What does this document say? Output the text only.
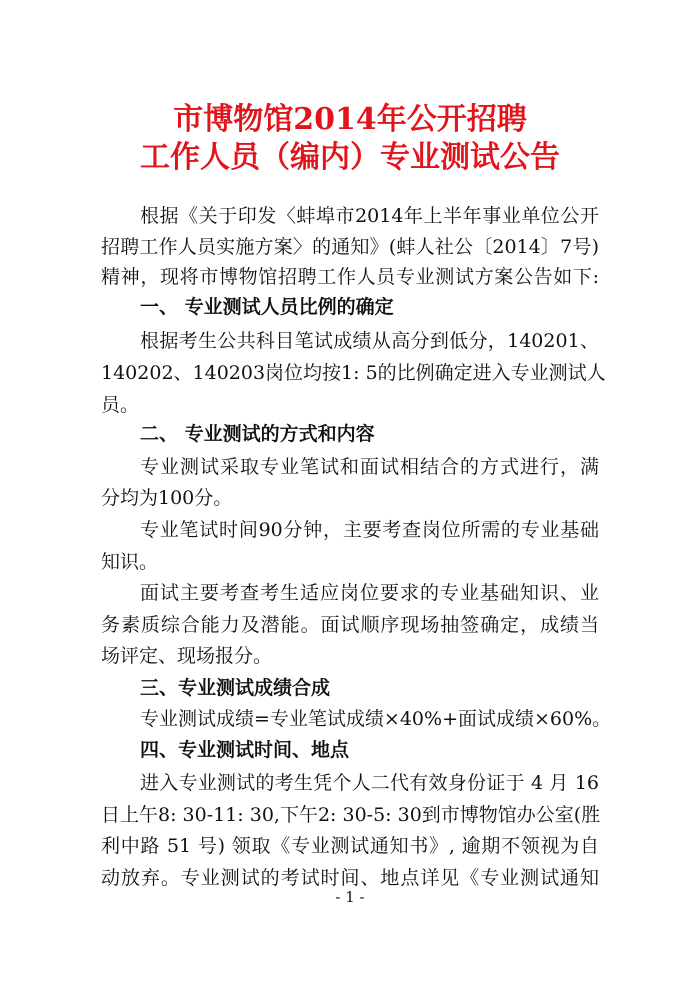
市博物馆2014年公开招聘
工作人员（编内）专业测试公告
根据《关于印发〈蚌埠市2014年上半年事业单位公开
招聘工作人员实施方案〉的通知》(蚌人社公〔2014〕7号)
精神，现将市博物馆招聘工作人员专业测试方案公告如下:
一、 专业测试人员比例的确定
根据考生公共科目笔试成绩从高分到低分，140201、
140202、140203岗位均按1: 5的比例确定进入专业测试人
员。
二、 专业测试的方式和内容
专业测试采取专业笔试和面试相结合的方式进行，满
分均为100分。
专业笔试时间90分钟，主要考查岗位所需的专业基础
知识。
面试主要考查考生适应岗位要求的专业基础知识、业
务素质综合能力及潜能。面试顺序现场抽签确定，成绩当
场评定、现场报分。
三、专业测试成绩合成
专业测试成绩=专业笔试成绩×40%+面试成绩×60%。
四、专业测试时间、地点
进入专业测试的考生凭个人二代有效身份证于 4 月 16
日上午8: 30-11: 30,下午2: 30-5: 30到市博物馆办公室(胜
利中路 51 号) 领取《专业测试通知书》, 逾期不领视为自
动放弃。专业测试的考试时间、地点详见《专业测试通知
- 1 -
